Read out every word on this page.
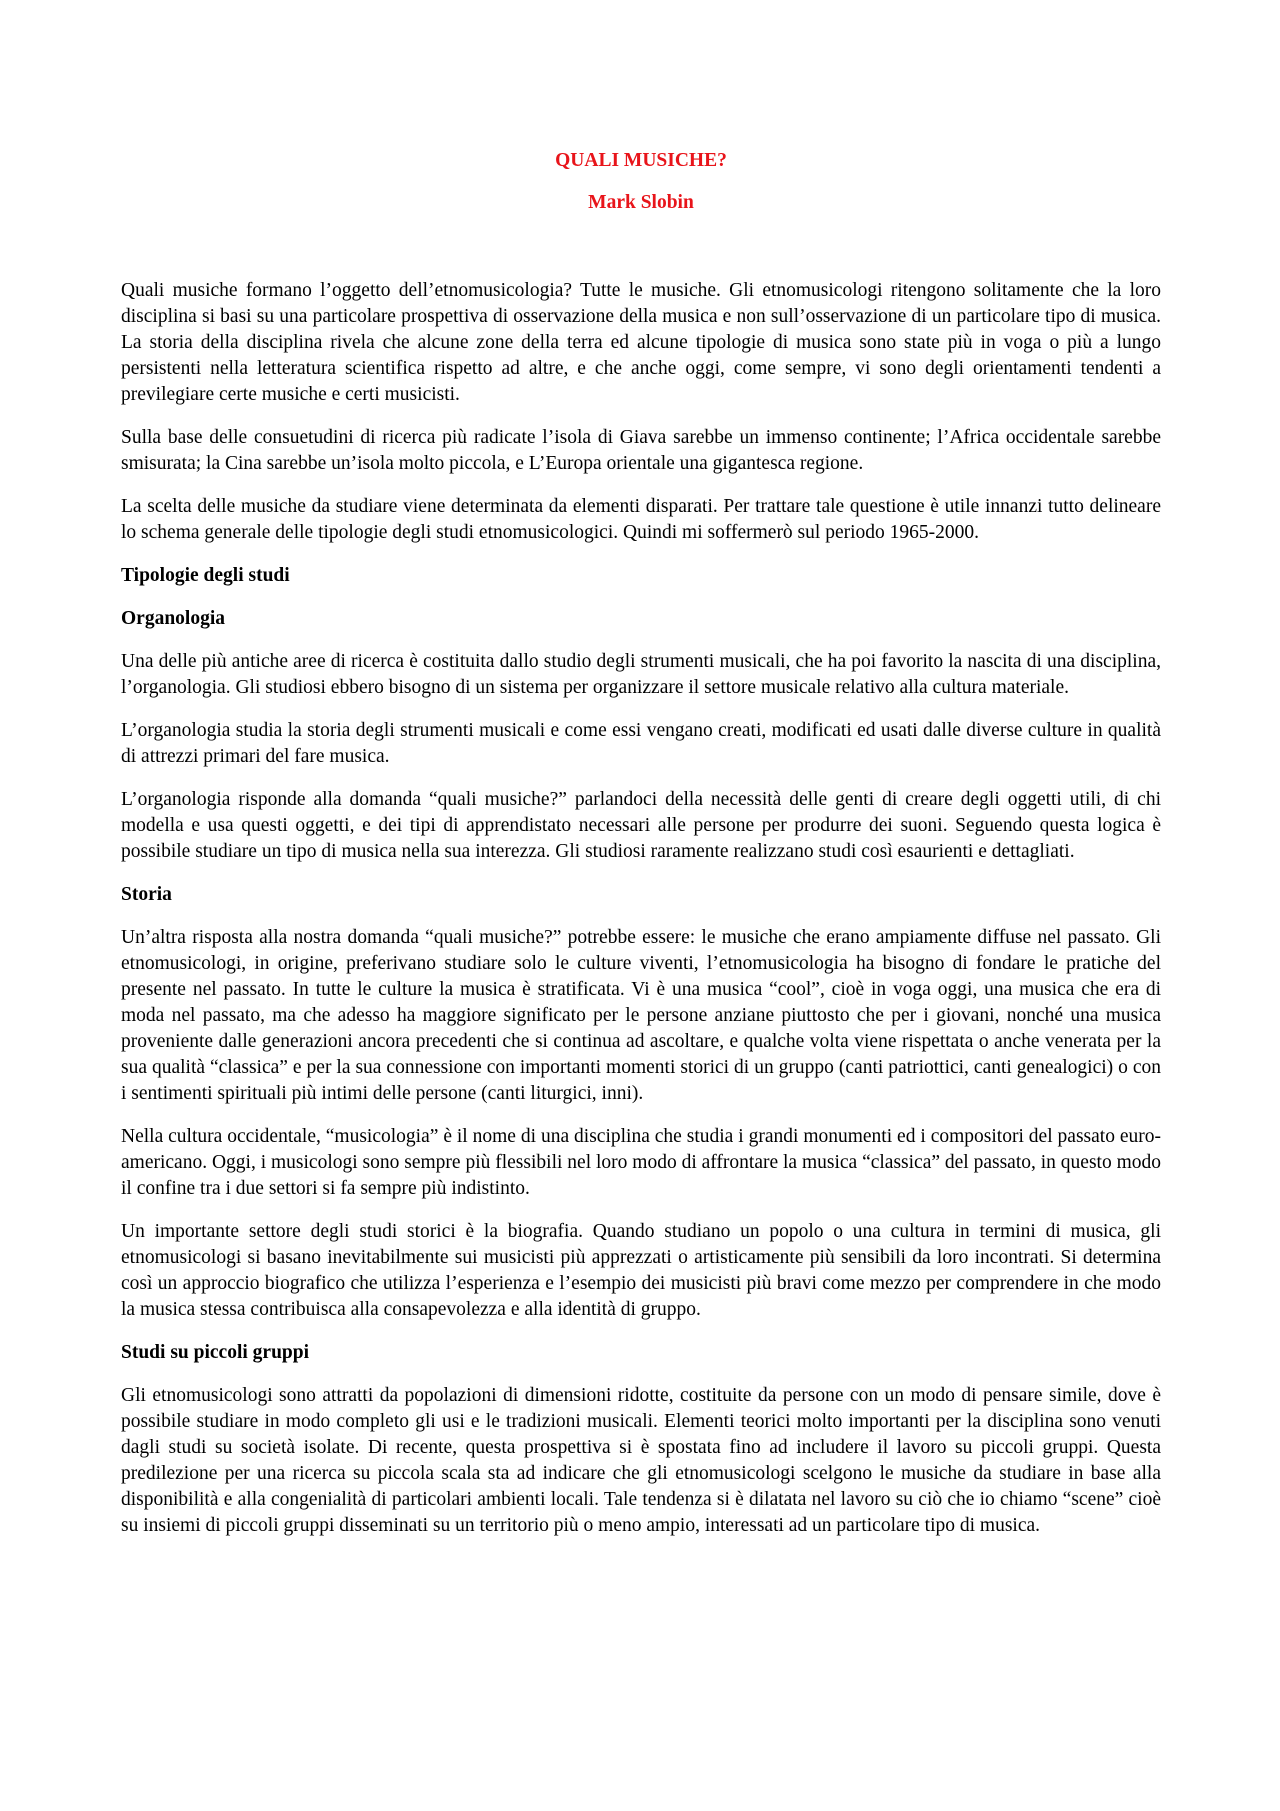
QUALI MUSICHE?

Mark Slobin

Quali musiche formano l’oggetto dell’etnomusicologia? Tutte le musiche. Gli etnomusicologi ritengono solitamente che la loro disciplina si basi su una particolare prospettiva di osservazione della musica e non sull’osservazione di un particolare tipo di musica. La storia della disciplina rivela che alcune zone della terra ed alcune tipologie di musica sono state più in voga o più a lungo persistenti nella letteratura scientifica rispetto ad altre, e che anche oggi, come sempre, vi sono degli orientamenti tendenti a previlegiare certe musiche e certi musicisti.

Sulla base delle consuetudini di ricerca più radicate l’isola di Giava sarebbe un immenso continente; l’Africa occidentale sarebbe smisurata; la Cina sarebbe un’isola molto piccola, e L’Europa orientale una gigantesca regione.

La scelta delle musiche da studiare viene determinata da elementi disparati. Per trattare tale questione è utile innanzi tutto delineare lo schema generale delle tipologie degli studi etnomusicologici. Quindi mi soffermerò sul periodo 1965-2000.

Tipologie degli studi
Organologia

Una delle più antiche aree di ricerca è costituita dallo studio degli strumenti musicali, che ha poi favorito la nascita di una disciplina, l’organologia. Gli studiosi ebbero bisogno di un sistema per organizzare il settore musicale relativo alla cultura materiale.

L’organologia studia la storia degli strumenti musicali e come essi vengano creati, modificati ed usati dalle diverse culture in qualità di attrezzi primari del fare musica.

L’organologia risponde alla domanda “quali musiche?” parlandoci della necessità delle genti di creare degli oggetti utili, di chi modella e usa questi oggetti, e dei tipi di apprendistato necessari alle persone per produrre dei suoni. Seguendo questa logica è possibile studiare un tipo di musica nella sua interezza. Gli studiosi raramente realizzano studi così esaurienti e dettagliati.

Storia

Un’altra risposta alla nostra domanda “quali musiche?” potrebbe essere: le musiche che erano ampiamente diffuse nel passato. Gli etnomusicologi, in origine, preferivano studiare solo le culture viventi, l’etnomusicologia ha bisogno di fondare le pratiche del presente nel passato. In tutte le culture la musica è stratificata. Vi è una musica “cool”, cioè in voga oggi, una musica che era di moda nel passato, ma che adesso ha maggiore significato per le persone anziane piuttosto che per i giovani, nonché una musica proveniente dalle generazioni ancora precedenti che si continua ad ascoltare, e qualche volta viene rispettata o anche venerata per la sua qualità “classica” e per la sua connessione con importanti momenti storici di un gruppo (canti patriottici, canti genealogici) o con i sentimenti spirituali più intimi delle persone (canti liturgici, inni).

Nella cultura occidentale, “musicologia” è il nome di una disciplina che studia i grandi monumenti ed i compositori del passato euro-americano. Oggi, i musicologi sono sempre più flessibili nel loro modo di affrontare la musica “classica” del passato, in questo modo il confine tra i due settori si fa sempre più indistinto.

Un importante settore degli studi storici è la biografia. Quando studiano un popolo o una cultura in termini di musica, gli etnomusicologi si basano inevitabilmente sui musicisti più apprezzati o artisticamente più sensibili da loro incontrati. Si determina così un approccio biografico che utilizza l’esperienza e l’esempio dei musicisti più bravi come mezzo per comprendere in che modo la musica stessa contribuisca alla consapevolezza e alla identità di gruppo.

Studi su piccoli gruppi

Gli etnomusicologi sono attratti da popolazioni di dimensioni ridotte, costituite da persone con un modo di pensare simile, dove è possibile studiare in modo completo gli usi e le tradizioni musicali. Elementi teorici molto importanti per la disciplina sono venuti dagli studi su società isolate. Di recente, questa prospettiva si è spostata fino ad includere il lavoro su piccoli gruppi. Questa predilezione per una ricerca su piccola scala sta ad indicare che gli etnomusicologi scelgono le musiche da studiare in base alla disponibilità e alla congenialità di particolari ambienti locali. Tale tendenza si è dilatata nel lavoro su ciò che io chiamo “scene” cioè su insiemi di piccoli gruppi disseminati su un territorio più o meno ampio, interessati ad un particolare tipo di musica.
